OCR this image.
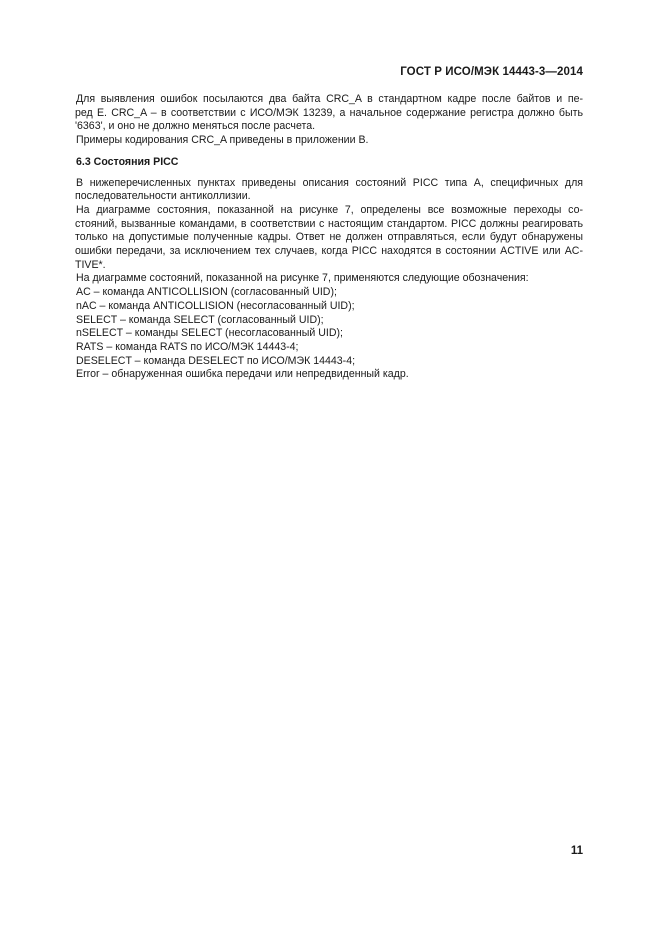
ГОСТ Р ИСО/МЭК 14443-3—2014
Для выявления ошибок посылаются два байта CRC_A в стандартном кадре после байтов и пе-
ред E. CRC_A – в соответствии с ИСО/МЭК 13239, а начальное содержание регистра должно быть
'6363', и оно не должно меняться после расчета.
Примеры кодирования CRC_A приведены в приложении B.
6.3 Состояния PICC
В нижеперечисленных пунктах приведены описания состояний PICC типа A, специфичных для
последовательности антиколлизии.
На диаграмме состояния, показанной на рисунке 7, определены все возможные переходы со-
стояний, вызванные командами, в соответствии с настоящим стандартом. PICC должны реагировать
только на допустимые полученные кадры. Ответ не должен отправляться, если будут обнаружены
ошибки передачи, за исключением тех случаев, когда PICC находятся в состоянии ACTIVE или AC-
TIVE*.
На диаграмме состояний, показанной на рисунке 7, применяются следующие обозначения:
AC – команда ANTICOLLISION (согласованный UID);
nAC – команда ANTICOLLISION (несогласованный UID);
SELECT – команда SELECT (согласованный UID);
nSELECT – команды SELECT (несогласованный UID);
RATS – команда RATS по ИСО/МЭК 14443-4;
DESELECT – команда DESELECT по ИСО/МЭК 14443-4;
Error – обнаруженная ошибка передачи или непредвиденный кадр.
11
